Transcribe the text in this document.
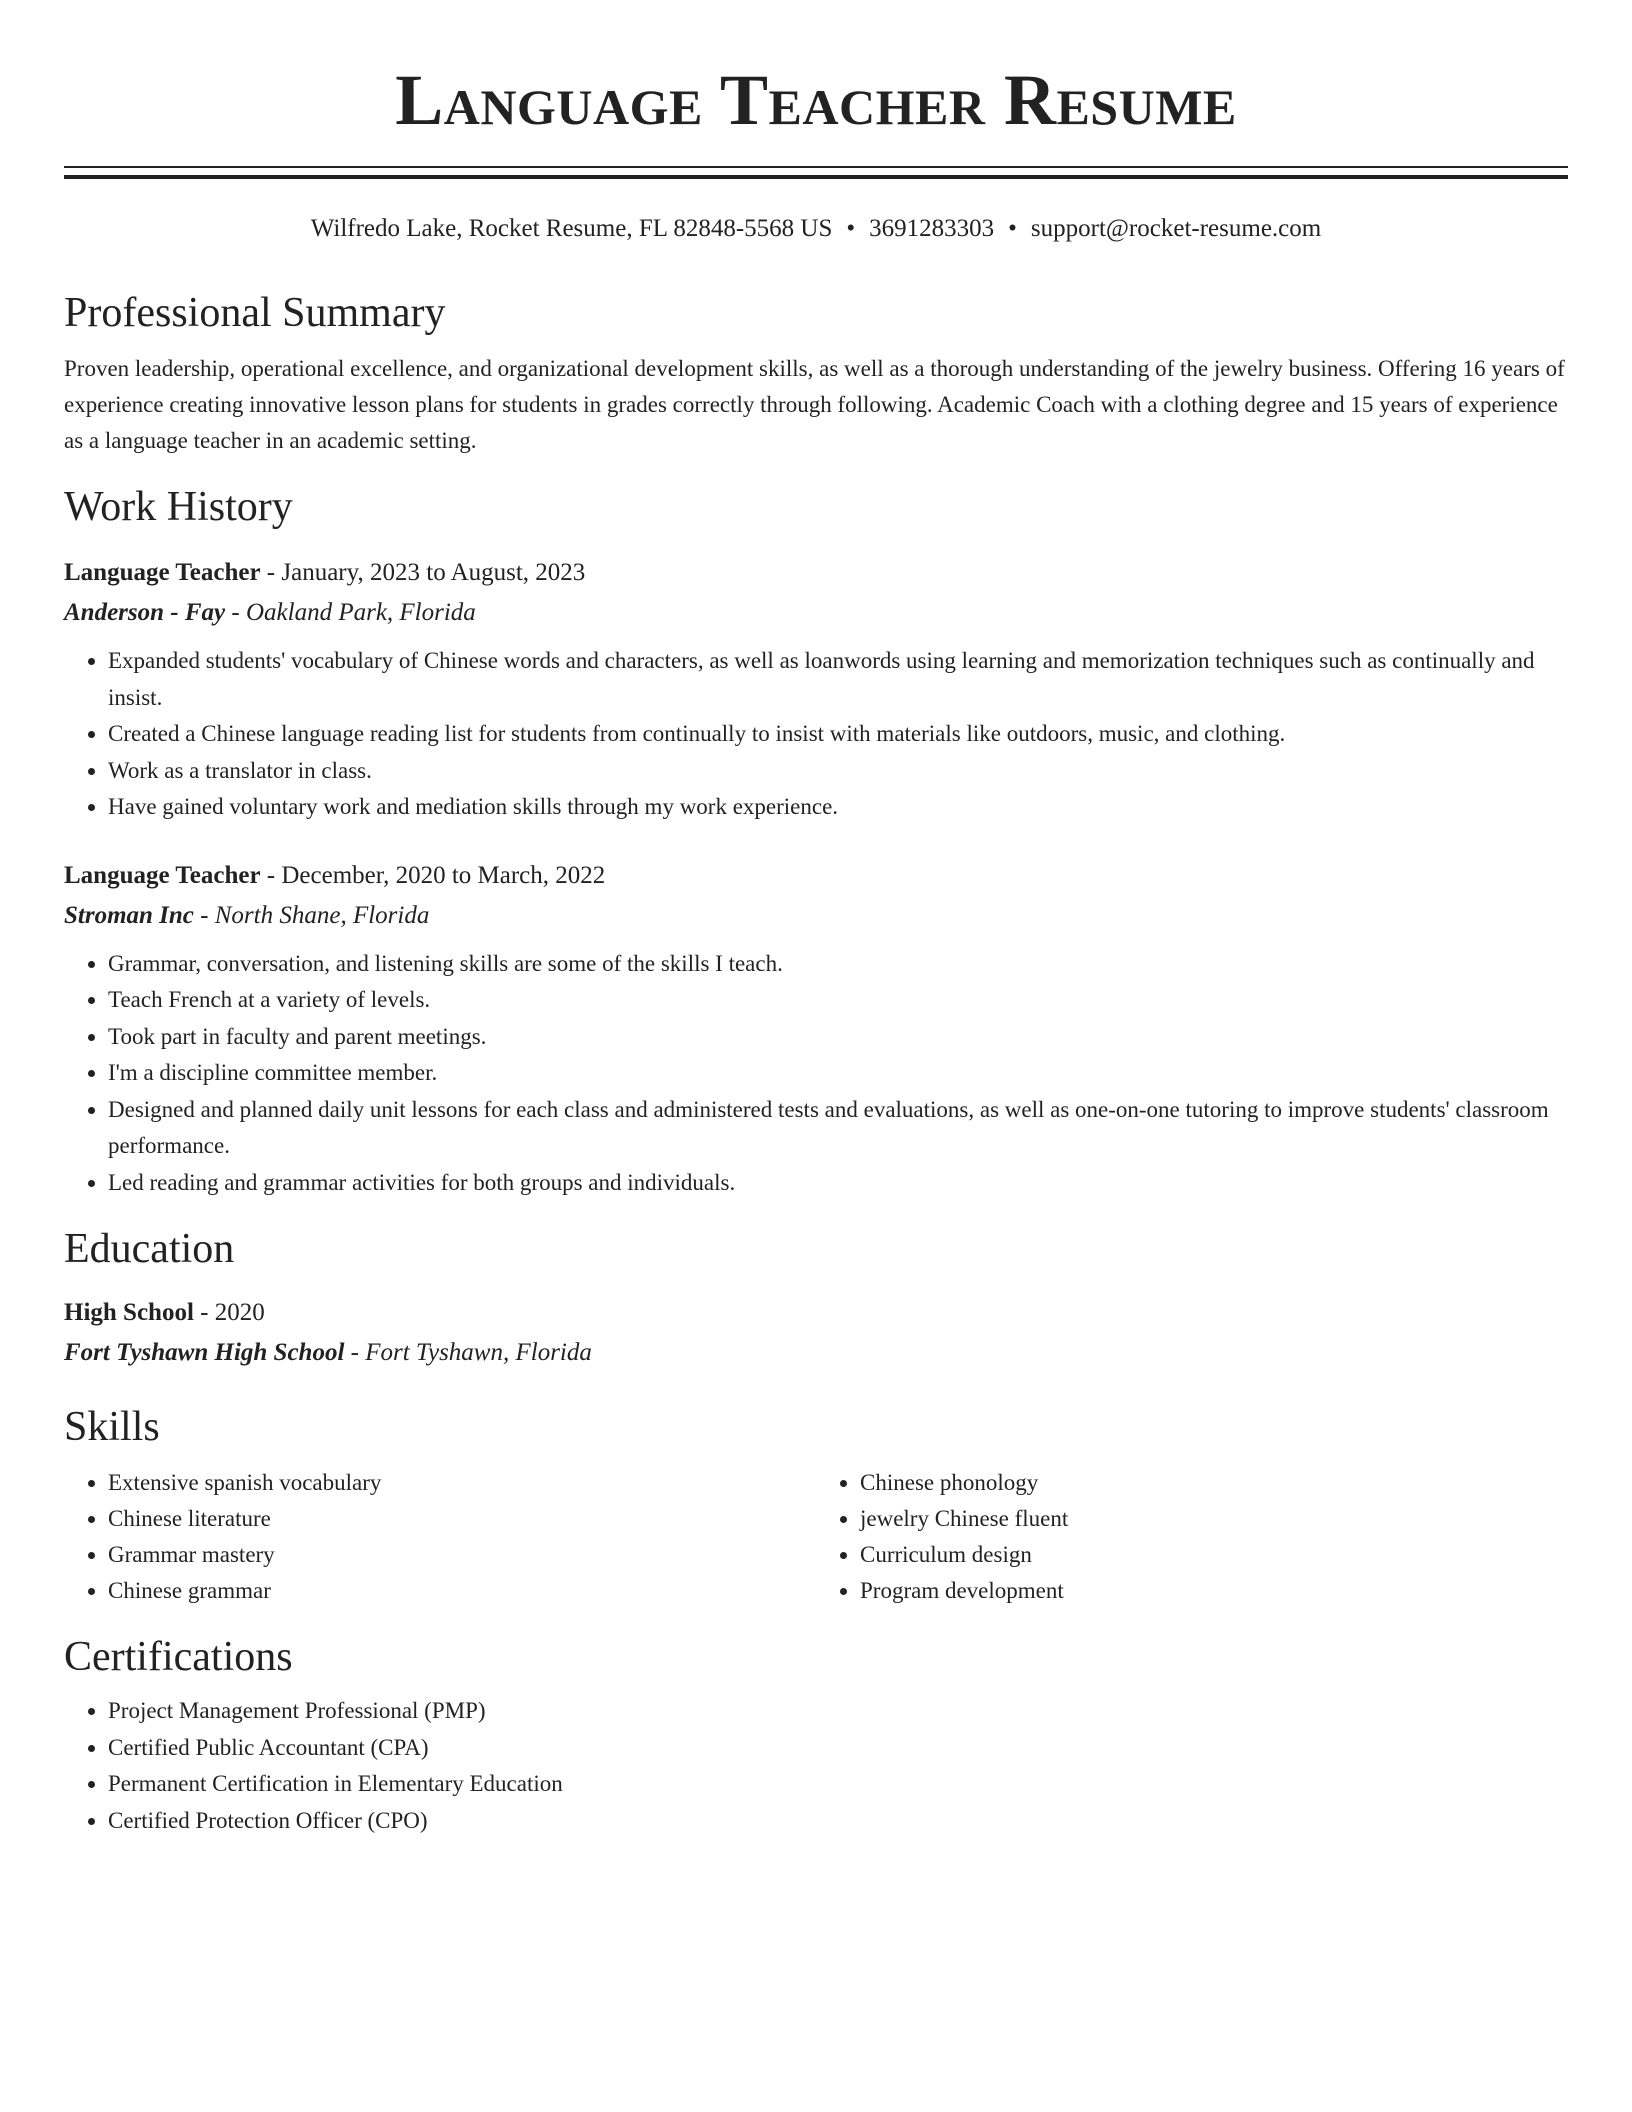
Language Teacher Resume
Wilfredo Lake, Rocket Resume, FL 82848-5568 US • 3691283303 • support@rocket-resume.com
Professional Summary

Proven leadership, operational excellence, and organizational development skills, as well as a thorough understanding of the jewelry business. Offering 16 years of experience creating innovative lesson plans for students in grades correctly through following. Academic Coach with a clothing degree and 15 years of experience as a language teacher in an academic setting.

Work History
Language Teacher - January, 2023 to August, 2023
Anderson - Fay - Oakland Park, Florida
• Expanded students' vocabulary of Chinese words and characters, as well as loanwords using learning and memorization techniques such as continually and insist.
• Created a Chinese language reading list for students from continually to insist with materials like outdoors, music, and clothing.
• Work as a translator in class.
• Have gained voluntary work and mediation skills through my work experience.
Language Teacher - December, 2020 to March, 2022
Stroman Inc - North Shane, Florida
• Grammar, conversation, and listening skills are some of the skills I teach.
• Teach French at a variety of levels.
• Took part in faculty and parent meetings.
• I'm a discipline committee member.
• Designed and planned daily unit lessons for each class and administered tests and evaluations, as well as one-on-one tutoring to improve students' classroom performance.
• Led reading and grammar activities for both groups and individuals.
Education
High School - 2020
Fort Tyshawn High School - Fort Tyshawn, Florida
Skills
• Extensive spanish vocabulary
• Chinese literature
• Grammar mastery
• Chinese grammar
• Chinese phonology
• jewelry Chinese fluent
• Curriculum design
• Program development
Certifications
• Project Management Professional (PMP)
• Certified Public Accountant (CPA)
• Permanent Certification in Elementary Education
• Certified Protection Officer (CPO)
